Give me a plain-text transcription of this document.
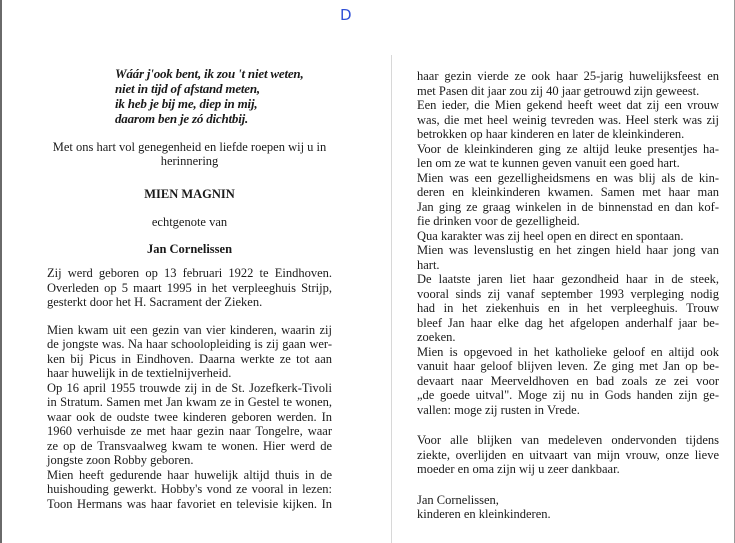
D
Wáár j'ook bent, ik zou 't niet weten,
niet in tijd of afstand meten,
ik heb je bij me, diep in mij,
daarom ben je zó dichtbij.
Met ons hart vol genegenheid en liefde roepen wij u in herinnering
MIEN MAGNIN
echtgenote van
Jan Cornelissen
Zij werd geboren op 13 februari 1922 te Eindhoven.
Overleden op 5 maart 1995 in het verpleeghuis Strijp,
gesterkt door het H. Sacrament der Zieken.
Mien kwam uit een gezin van vier kinderen, waarin zij
de jongste was. Na haar schoolopleiding is zij gaan wer-
ken bij Picus in Eindhoven. Daarna werkte ze tot aan
haar huwelijk in de textielnijverheid.
Op 16 april 1955 trouwde zij in de St. Jozefkerk-Tivoli
in Stratum. Samen met Jan kwam ze in Gestel te wonen,
waar ook de oudste twee kinderen geboren werden. In
1960 verhuisde ze met haar gezin naar Tongelre, waar
ze op de Transvaalweg kwam te wonen. Hier werd de
jongste zoon Robby geboren.
Mien heeft gedurende haar huwelijk altijd thuis in de
huishouding gewerkt. Hobby's vond ze vooral in lezen:
Toon Hermans was haar favoriet en televisie kijken. In
haar gezin vierde ze ook haar 25-jarig huwelijksfeest en
met Pasen dit jaar zou zij 40 jaar getrouwd zijn geweest.
Een ieder, die Mien gekend heeft weet dat zij een vrouw
was, die met heel weinig tevreden was. Heel sterk was zij
betrokken op haar kinderen en later de kleinkinderen.
Voor de kleinkinderen ging ze altijd leuke presentjes ha-
len om ze wat te kunnen geven vanuit een goed hart.
Mien was een gezelligheidsmens en was blij als de kin-
deren en kleinkinderen kwamen. Samen met haar man
Jan ging ze graag winkelen in de binnenstad en dan kof-
fie drinken voor de gezelligheid.
Qua karakter was zij heel open en direct en spontaan.
Mien was levenslustig en het zingen hield haar jong van
hart.
De laatste jaren liet haar gezondheid haar in de steek,
vooral sinds zij vanaf september 1993 verpleging nodig
had in het ziekenhuis en in het verpleeghuis. Trouw
bleef Jan haar elke dag het afgelopen anderhalf jaar be-
zoeken.
Mien is opgevoed in het katholieke geloof en altijd ook
vanuit haar geloof blijven leven. Ze ging met Jan op be-
devaart naar Meerveldhoven en bad zoals ze zei voor
„de goede uitval". Moge zij nu in Gods handen zijn ge-
vallen: moge zij rusten in Vrede.
Voor alle blijken van medeleven ondervonden tijdens
ziekte, overlijden en uitvaart van mijn vrouw, onze lieve
moeder en oma zijn wij u zeer dankbaar.
Jan Cornelissen,
kinderen en kleinkinderen.
